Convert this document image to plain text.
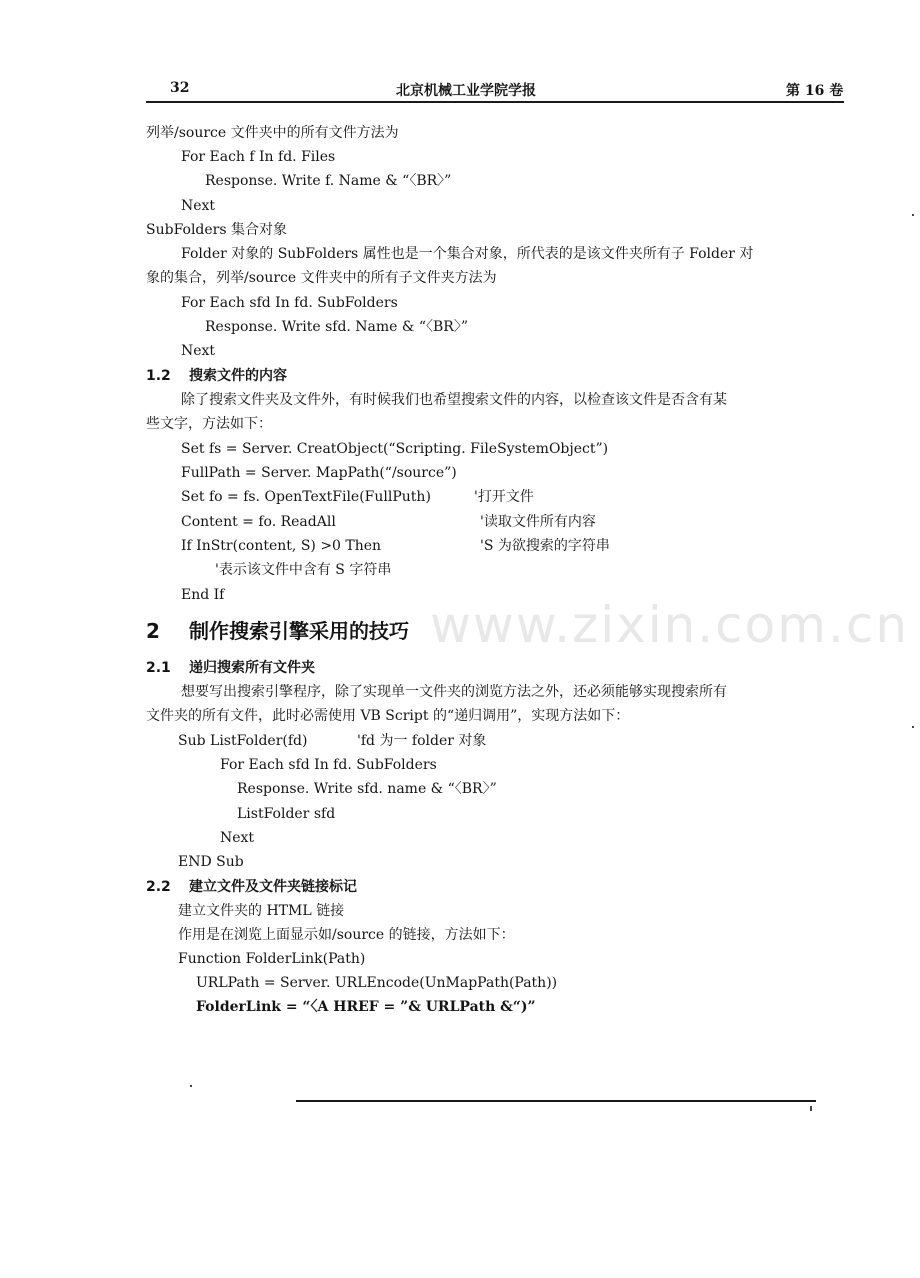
32	北京机械工业学院学报	第 16 卷
www.zixin.com.cn
列举/source 文件夹中的所有文件方法为
For Each f In fd. Files
Response. Write f. Name & “〈BR〉”
Next
SubFolders 集合对象
Folder 对象的 SubFolders 属性也是一个集合对象，所代表的是该文件夹所有子 Folder 对
象的集合，列举/source 文件夹中的所有子文件夹方法为
For Each sfd In fd. SubFolders
Response. Write sfd. Name & “〈BR〉”
Next
1.2 搜索文件的内容
除了搜索文件夹及文件外，有时候我们也希望搜索文件的内容，以检查该文件是否含有某
些文字，方法如下：
Set fs = Server. CreatObject(“Scripting. FileSystemObject”)
FullPath = Server. MapPath(“/source”)
Set fo = fs. OpenTextFile(FullPuth)	'打开文件
Content = fo. ReadAll	'读取文件所有内容
If InStr(content, S) >0 Then	'S 为欲搜索的字符串
'表示该文件中含有 S 字符串
End If
2 制作搜索引擎采用的技巧
2.1 递归搜索所有文件夹
想要写出搜索引擎程序，除了实现单一文件夹的浏览方法之外，还必须能够实现搜索所有
文件夹的所有文件，此时必需使用 VB Script 的“递归调用”，实现方法如下：
Sub ListFolder(fd)	'fd 为一 folder 对象
For Each sfd In fd. SubFolders
Response. Write sfd. name & “〈BR〉”
ListFolder sfd
Next
END Sub
2.2 建立文件及文件夹链接标记
建立文件夹的 HTML 链接
作用是在浏览上面显示如/source 的链接，方法如下：
Function FolderLink(Path)
URLPath = Server. URLEncode(UnMapPath(Path))
FolderLink = “〈A HREF = ”& URLPath &“)”
